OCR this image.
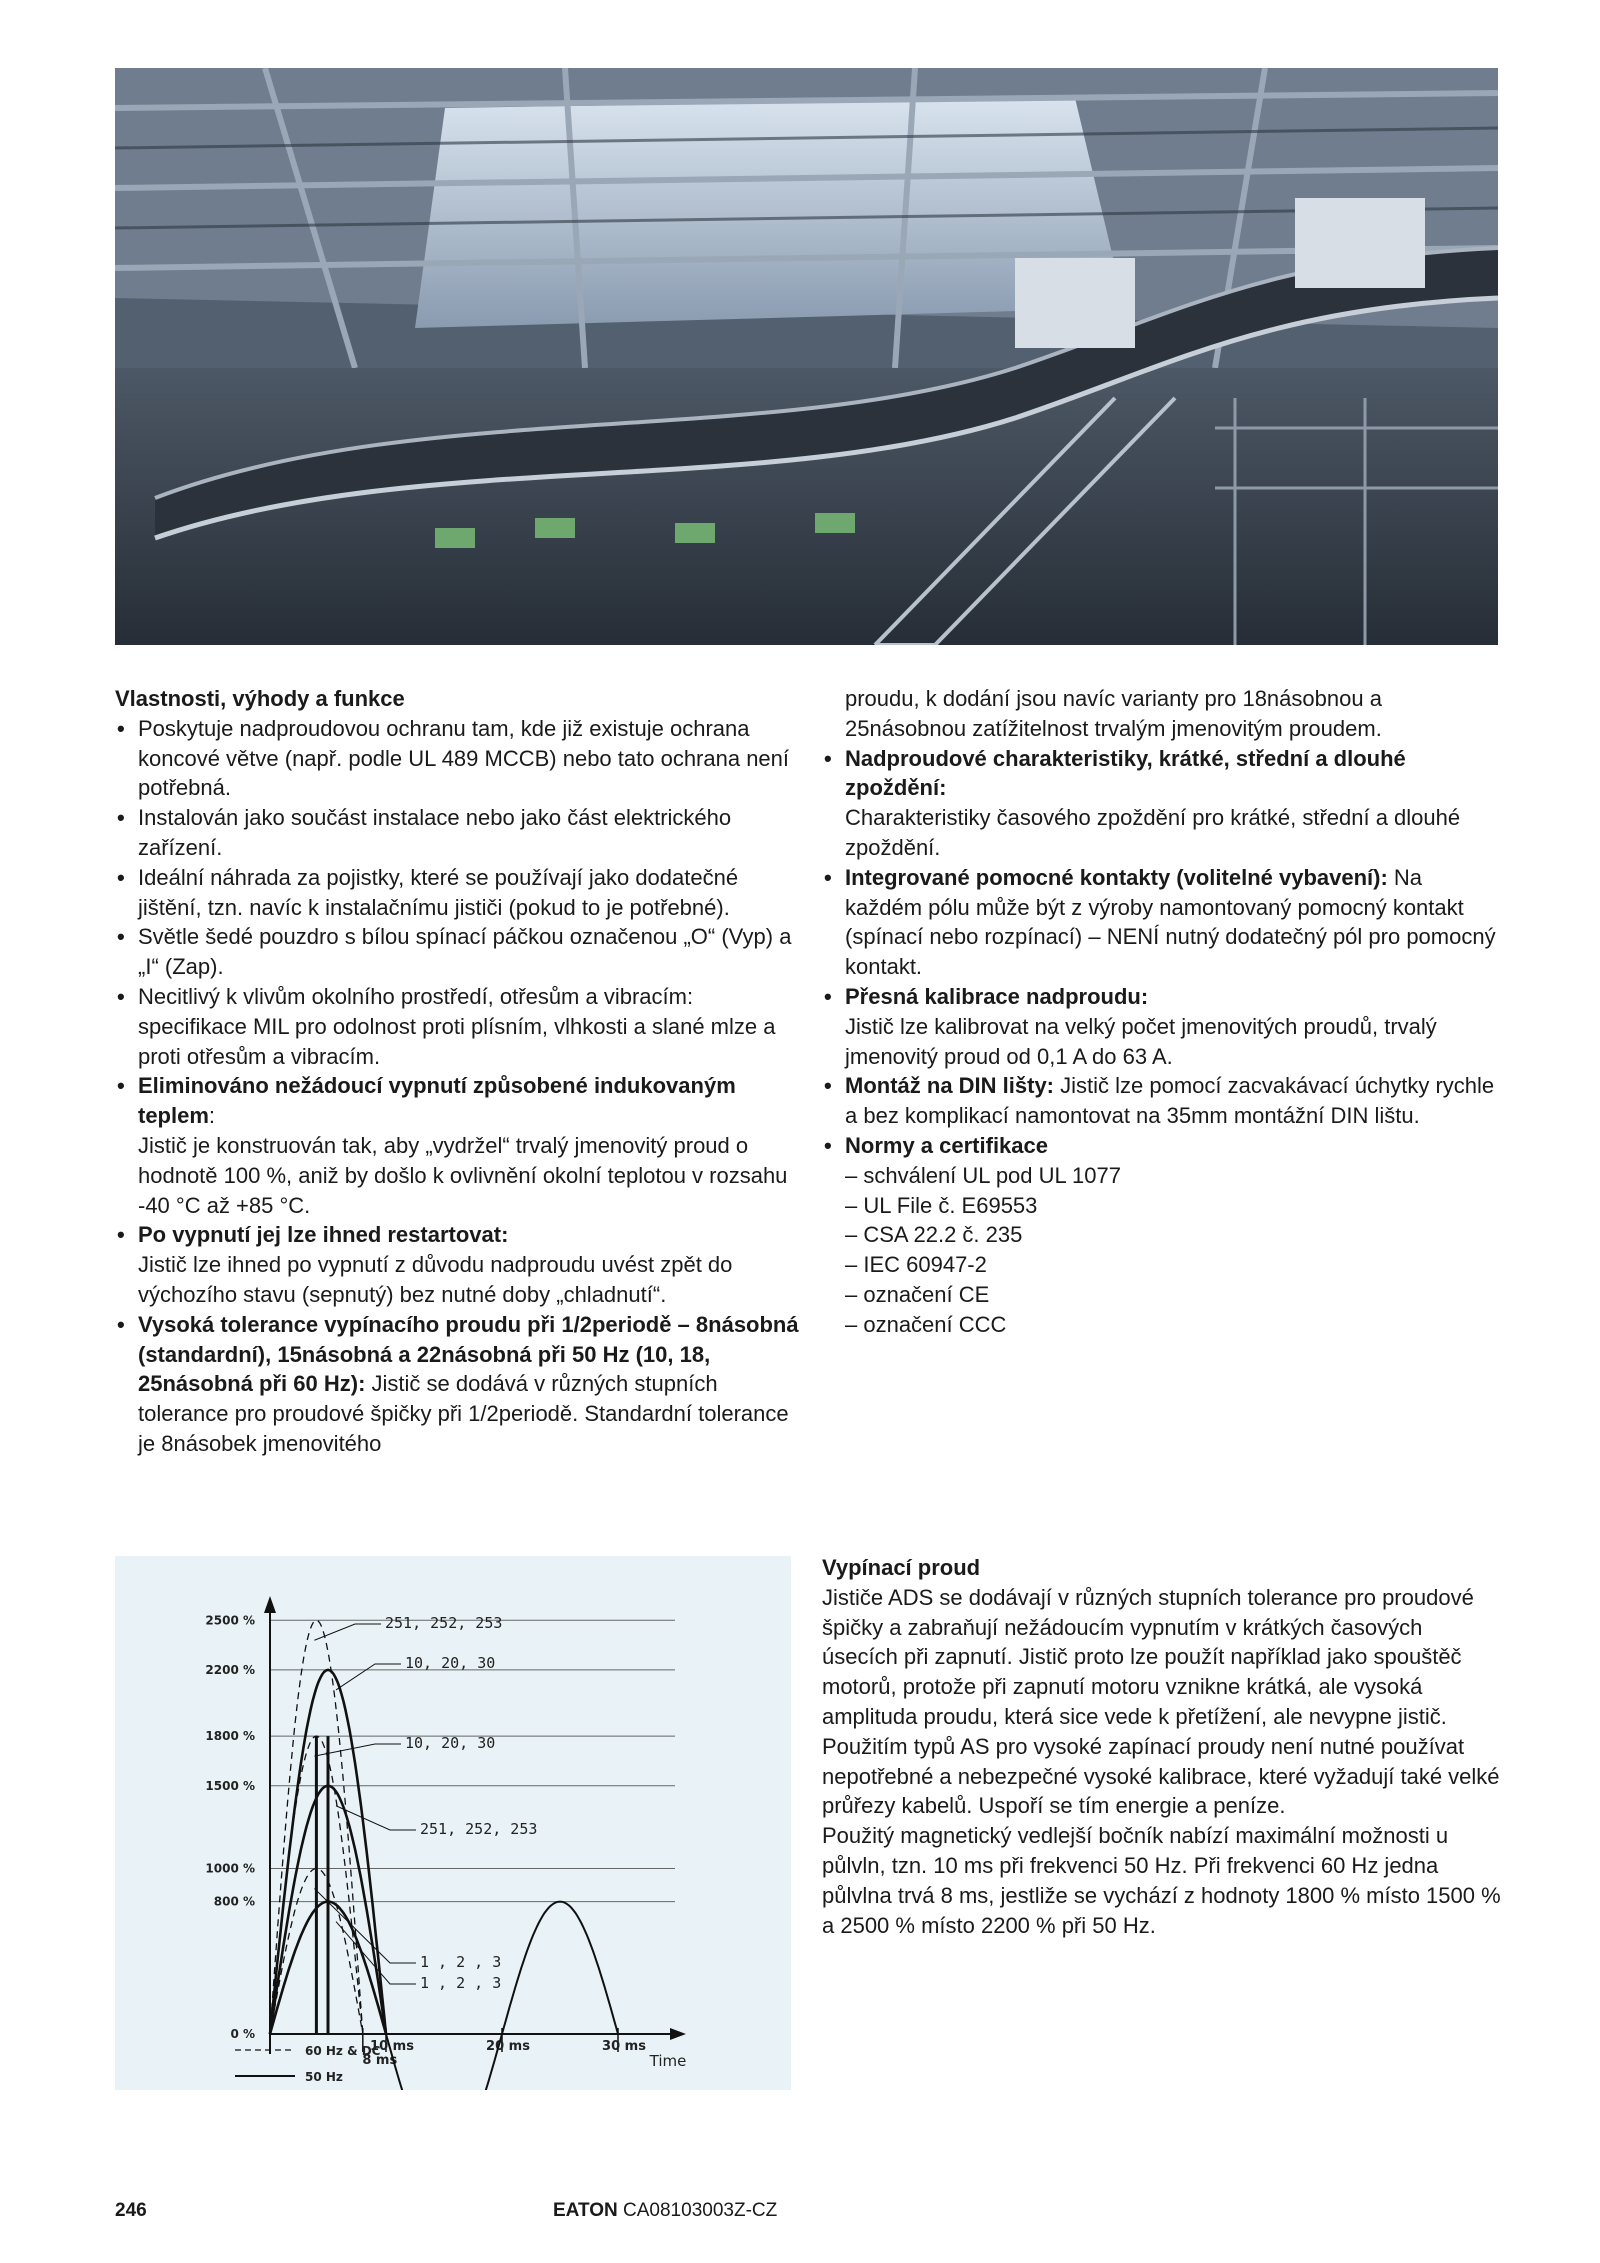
Vlastnosti, výhody a funkce

• Poskytuje nadproudovou ochranu tam, kde již existuje ochrana koncové větve (např. podle UL 489 MCCB) nebo tato ochrana není potřebná.
• Instalován jako součást instalace nebo jako část elektrického zařízení.
• Ideální náhrada za pojistky, které se používají jako dodatečné jištění, tzn. navíc k instalačnímu jističi (pokud to je potřebné).
• Světle šedé pouzdro s bílou spínací páčkou označenou „O“ (Vyp) a „I“ (Zap).
• Necitlivý k vlivům okolního prostředí, otřesům a vibracím: specifikace MIL pro odolnost proti plísním, vlhkosti a slané mlze a proti otřesům a vibracím.
• Eliminováno nežádoucí vypnutí způsobené indukovaným teplem:
Jistič je konstruován tak, aby „vydržel“ trvalý jmenovitý proud o hodnotě 100 %, aniž by došlo k ovlivnění okolní teplotou v rozsahu -40 °C až +85 °C.
• Po vypnutí jej lze ihned restartovat:
Jistič lze ihned po vypnutí z důvodu nadproudu uvést zpět do výchozího stavu (sepnutý) bez nutné doby „chladnutí“.
• Vysoká tolerance vypínacího proudu při 1/2periodě – 8násobná (standardní), 15násobná a 22násobná při 50 Hz (10, 18, 25násobná při 60 Hz): Jistič se dodává v různých stupních tolerance pro proudové špičky při 1/2periodě. Standardní tolerance je 8násobek jmenovitého
proudu, k dodání jsou navíc varianty pro 18násobnou a 25násobnou zatížitelnost trvalým jmenovitým proudem.
• Nadproudové charakteristiky, krátké, střední a dlouhé zpoždění:
Charakteristiky časového zpoždění pro krátké, střední a dlouhé zpoždění.
• Integrované pomocné kontakty (volitelné vybavení): Na každém pólu může být z výroby namontovaný pomocný kontakt (spínací nebo rozpínací) – NENÍ nutný dodatečný pól pro pomocný kontakt.
• Přesná kalibrace nadproudu:
Jistič lze kalibrovat na velký počet jmenovitých proudů, trvalý jmenovitý proud od 0,1 A do 63 A.
• Montáž na DIN lišty: Jistič lze pomocí zacvakávací úchytky rychle a bez komplikací namontovat na 35mm montážní DIN lištu.
• Normy a certifikace
– schválení UL pod UL 1077
– UL File č. E69553
– CSA 22.2 č. 235
– IEC 60947-2
– označení CE
– označení CCC
0 %
800 %
1000 %
1500 %
1800 %
2200 %
2500 %
8 ms
10 ms	20 ms	30 ms
Time
251, 252, 253
10, 20, 30
1 , 2 , 3
10, 20, 30
251, 252, 253
1 , 2 , 3
60 Hz & DC
50 Hz
Vypínací proud
Jističe ADS se dodávají v různých stupních tolerance pro proudové špičky a zabraňují nežádoucím vypnutím v krátkých časových úsecích při zapnutí. Jistič proto lze použít například jako spouštěč motorů, protože při zapnutí motoru vznikne krátká, ale vysoká amplituda proudu, která sice vede k přetížení, ale nevypne jistič.
Použitím typů AS pro vysoké zapínací proudy není nutné používat nepotřebné a nebezpečné vysoké kalibrace, které vyžadují také velké průřezy kabelů. Uspoří se tím energie a peníze.
Použitý magnetický vedlejší bočník nabízí maximální možnosti u půlvln, tzn. 10 ms při frekvenci 50 Hz. Při frekvenci 60 Hz jedna půlvlna trvá 8 ms, jestliže se vychází z hodnoty 1800 % místo 1500 % a 2500 % místo 2200 % při 50 Hz.
246	EATON CA08103003Z-CZ
